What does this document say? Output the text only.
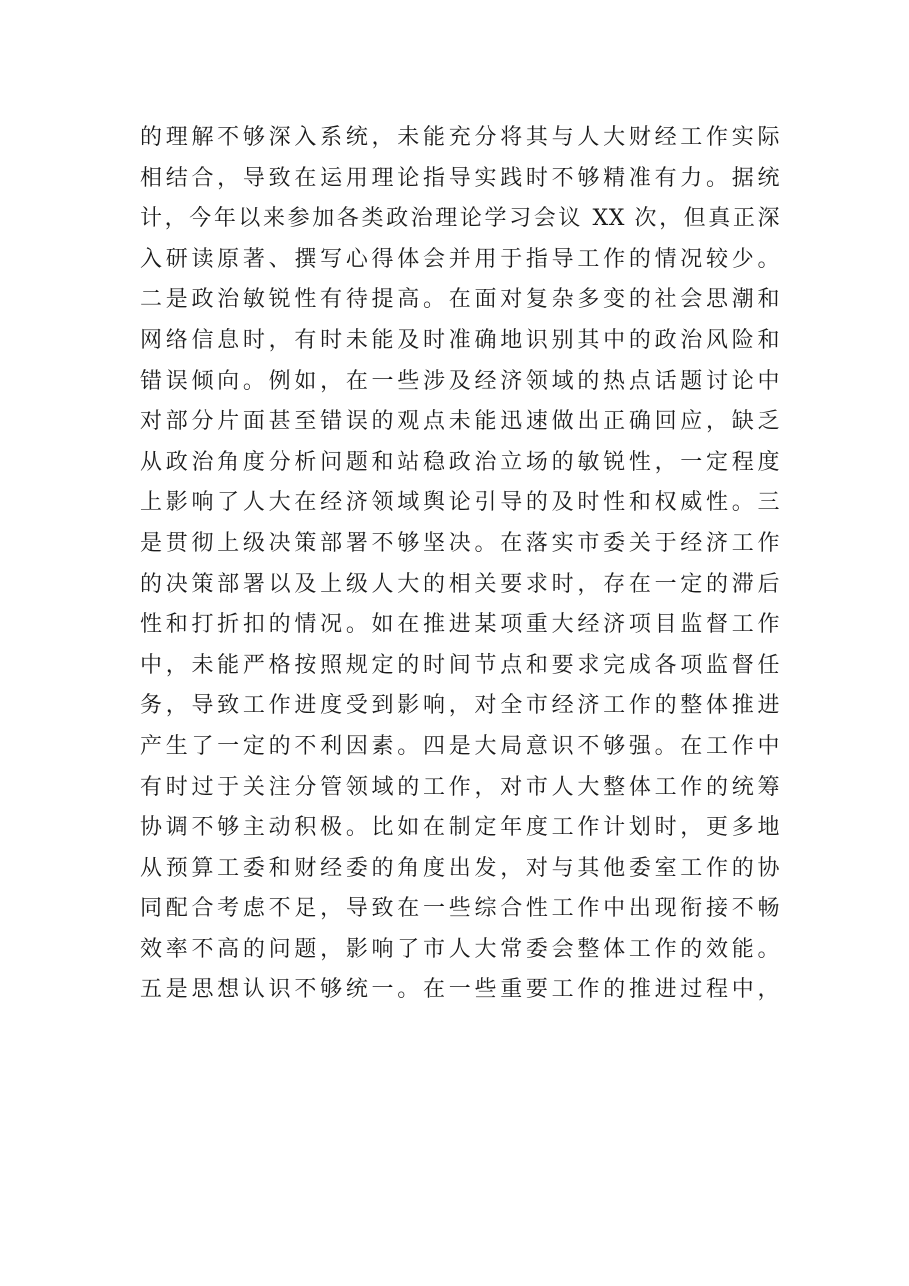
的理解不够深入系统，未能充分将其与人大财经工作实际
相结合，导致在运用理论指导实践时不够精准有力。据统
计，今年以来参加各类政治理论学习会议 XX 次，但真正深
入研读原著、撰写心得体会并用于指导工作的情况较少。
二是政治敏锐性有待提高。在面对复杂多变的社会思潮和
网络信息时，有时未能及时准确地识别其中的政治风险和
错误倾向。例如，在一些涉及经济领域的热点话题讨论中
对部分片面甚至错误的观点未能迅速做出正确回应，缺乏
从政治角度分析问题和站稳政治立场的敏锐性，一定程度
上影响了人大在经济领域舆论引导的及时性和权威性。三
是贯彻上级决策部署不够坚决。在落实市委关于经济工作
的决策部署以及上级人大的相关要求时，存在一定的滞后
性和打折扣的情况。如在推进某项重大经济项目监督工作
中，未能严格按照规定的时间节点和要求完成各项监督任
务，导致工作进度受到影响，对全市经济工作的整体推进
产生了一定的不利因素。四是大局意识不够强。在工作中
有时过于关注分管领域的工作，对市人大整体工作的统筹
协调不够主动积极。比如在制定年度工作计划时，更多地
从预算工委和财经委的角度出发，对与其他委室工作的协
同配合考虑不足，导致在一些综合性工作中出现衔接不畅
效率不高的问题，影响了市人大常委会整体工作的效能。
五是思想认识不够统一。在一些重要工作的推进过程中，
